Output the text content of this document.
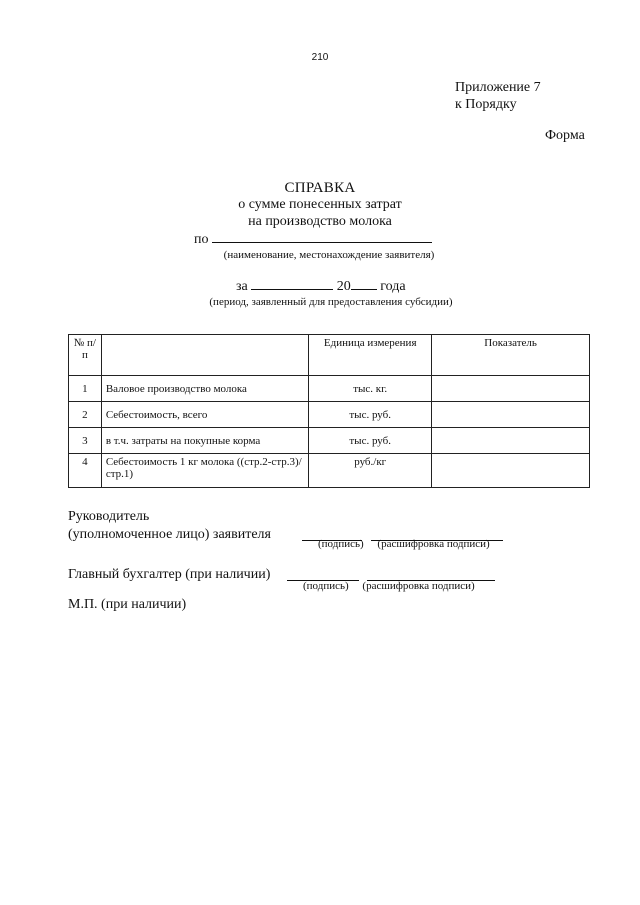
210
Приложение 7
к Порядку
Форма
СПРАВКА
о сумме понесенных затрат
на производство молока
по
(наименование, местонахождение заявителя)
за	20 года
(период, заявленный для предоставления субсидии)
№ п/п		Единица измерения	Показатель
1	Валовое производство молока	тыс. кг.	
2	Себестоимость, всего	тыс. руб.	
3	в т.ч. затраты на покупные корма	тыс. руб.	
4	Себестоимость 1 кг молока ((стр.2-стр.3)/стр.1)	руб./кг	
Руководитель
(уполномоченное лицо) заявителя
(подпись)     (расшифровка подписи)
Главный бухгалтер (при наличии)
(подпись)     (расшифровка подписи)
М.П. (при наличии)
